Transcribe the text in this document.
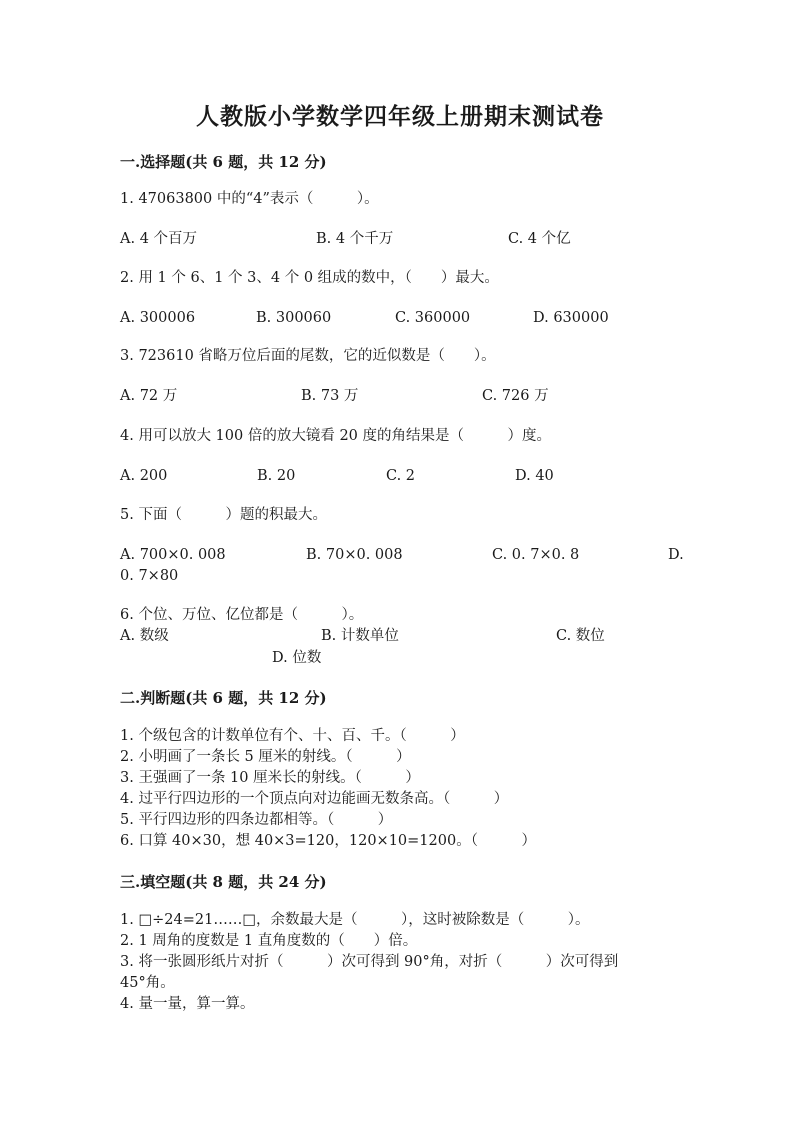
人教版小学数学四年级上册期末测试卷
一.选择题(共 6 题，共 12 分)
1. 47063800 中的“4”表示（　　　）。
A. 4 个百万	B. 4 个千万	C. 4 个亿
2. 用 1 个 6、1 个 3、4 个 0 组成的数中，（　　）最大。
A. 300006	B. 300060	C. 360000	D. 630000
3. 723610 省略万位后面的尾数，它的近似数是（　　）。
A. 72 万	B. 73 万	C. 726 万
4. 用可以放大 100 倍的放大镜看 20 度的角结果是（　　　）度。
A. 200	B. 20	C. 2	D. 40
5. 下面（　　　）题的积最大。
A. 700×0. 008	B. 70×0. 008	C. 0. 7×0. 8	D.
0. 7×80
6. 个位、万位、亿位都是（　　　）。
A. 数级	B. 计数单位	C. 数位
D. 位数
二.判断题(共 6 题，共 12 分)
1. 个级包含的计数单位有个、十、百、千。（　　　）
2. 小明画了一条长 5 厘米的射线。（　　　）
3. 王强画了一条 10 厘米长的射线。（　　　）
4. 过平行四边形的一个顶点向对边能画无数条高。（　　　）
5. 平行四边形的四条边都相等。（　　　）
6. 口算 40×30，想 40×3=120，120×10=1200。（　　　）
三.填空题(共 8 题，共 24 分)
1. □÷24=21……□，余数最大是（　　　），这时被除数是（　　　）。
2. 1 周角的度数是 1 直角度数的（　　）倍。
3. 将一张圆形纸片对折（　　　）次可得到 90°角，对折（　　　）次可得到
45°角。
4. 量一量，算一算。
